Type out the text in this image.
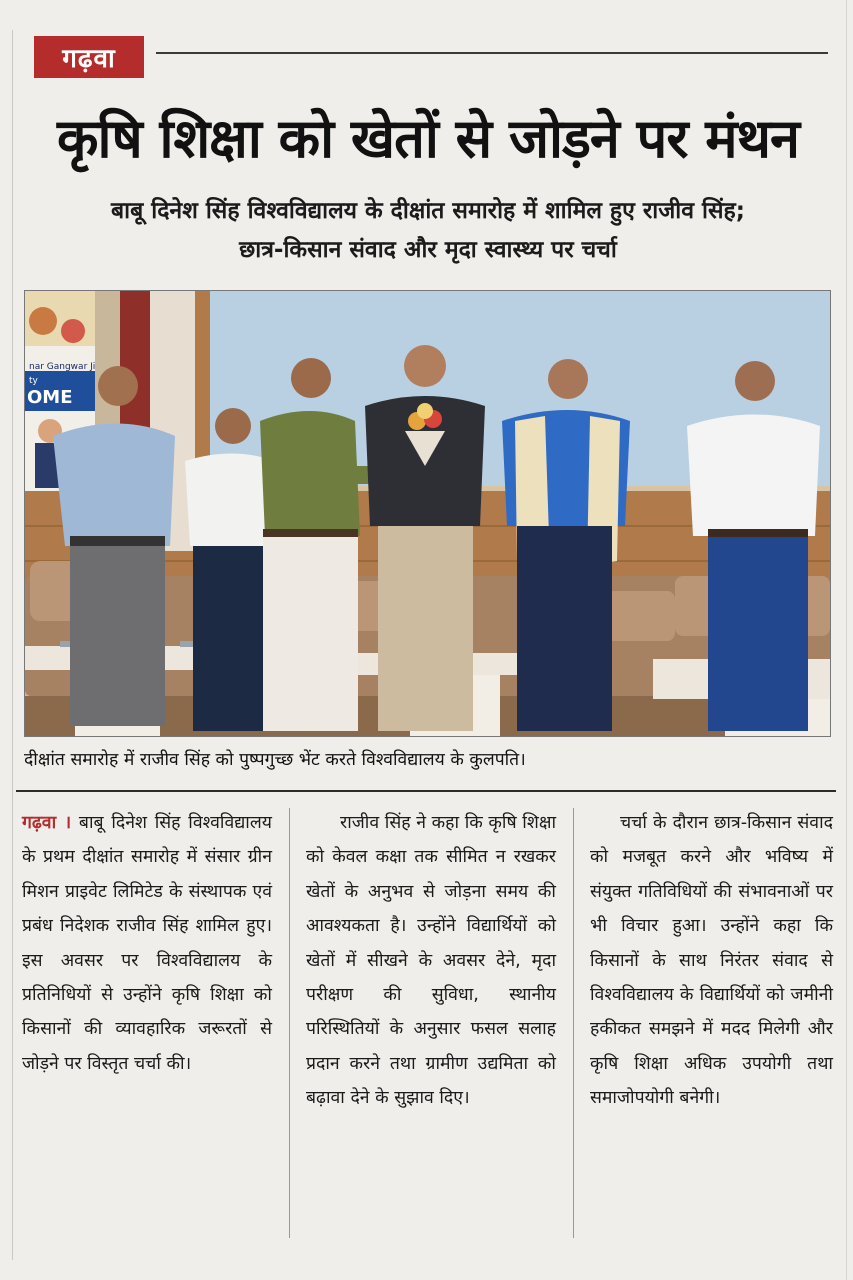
गढ़वा
कृषि शिक्षा को खेतों से जोड़ने पर मंथन
बाबू दिनेश सिंह विश्वविद्यालय के दीक्षांत समारोह में शामिल हुए राजीव सिंह;
छात्र-किसान संवाद और मृदा स्वास्थ्य पर चर्चा
nar Gangwar Ji
ty
OME
दीक्षांत समारोह में राजीव सिंह को पुष्पगुच्छ भेंट करते विश्वविद्यालय के कुलपति।
गढ़वा । बाबू दिनेश सिंह विश्वविद्यालय के प्रथम दीक्षांत समारोह में संसार ग्रीन मिशन प्राइवेट लिमिटेड के संस्थापक एवं प्रबंध निदेशक राजीव सिंह शामिल हुए। इस अवसर पर विश्वविद्यालय के प्रतिनिधियों से उन्होंने कृषि शिक्षा को किसानों की व्यावहारिक जरूरतों से जोड़ने पर विस्तृत चर्चा की।
राजीव सिंह ने कहा कि कृषि शिक्षा को केवल कक्षा तक सीमित न रखकर खेतों के अनुभव से जोड़ना समय की आवश्यकता है। उन्होंने विद्यार्थियों को खेतों में सीखने के अवसर देने, मृदा परीक्षण की सुविधा, स्थानीय परिस्थितियों के अनुसार फसल सलाह प्रदान करने तथा ग्रामीण उद्यमिता को बढ़ावा देने के सुझाव दिए।
चर्चा के दौरान छात्र-किसान संवाद को मजबूत करने और भविष्य में संयुक्त गतिविधियों की संभावनाओं पर भी विचार हुआ। उन्होंने कहा कि किसानों के साथ निरंतर संवाद से विश्वविद्यालय के विद्यार्थियों को जमीनी हकीकत समझने में मदद मिलेगी और कृषि शिक्षा अधिक उपयोगी तथा समाजोपयोगी बनेगी।
